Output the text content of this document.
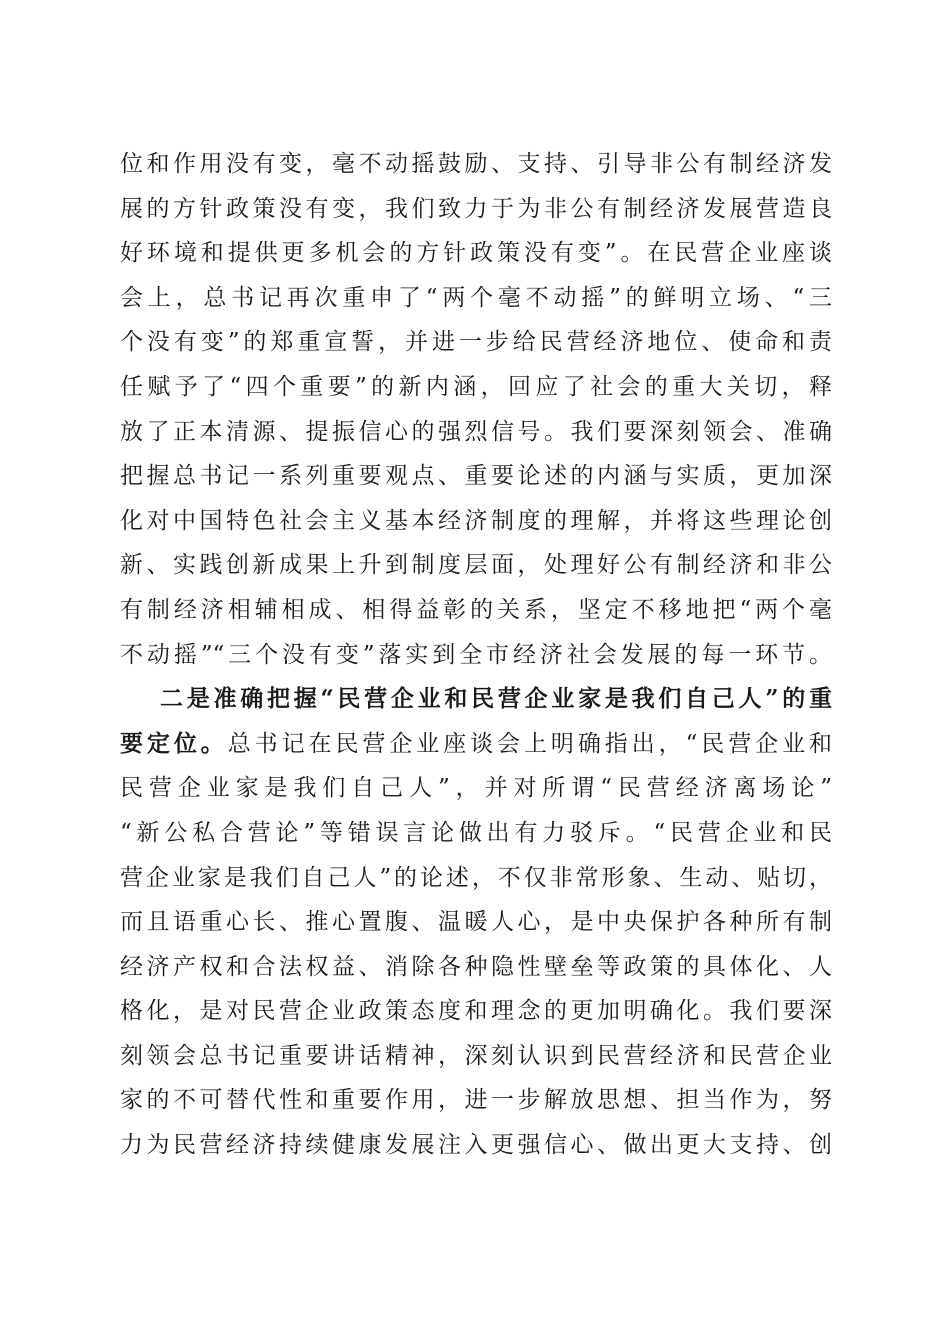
位和作用没有变，毫不动摇鼓励、支持、引导非公有制经济发
展的方针政策没有变，我们致力于为非公有制经济发展营造良
好环境和提供更多机会的方针政策没有变”。在民营企业座谈
会上，总书记再次重申了“两个毫不动摇”的鲜明立场、“三
个没有变”的郑重宣誓，并进一步给民营经济地位、使命和责
任赋予了“四个重要”的新内涵，回应了社会的重大关切，释
放了正本清源、提振信心的强烈信号。我们要深刻领会、准确
把握总书记一系列重要观点、重要论述的内涵与实质，更加深
化对中国特色社会主义基本经济制度的理解，并将这些理论创
新、实践创新成果上升到制度层面，处理好公有制经济和非公
有制经济相辅相成、相得益彰的关系，坚定不移地把“两个毫
不动摇”“三个没有变”落实到全市经济社会发展的每一环节。
二是准确把握“民营企业和民营企业家是我们自己人”的重
要定位。总书记在民营企业座谈会上明确指出，“民营企业和
民营企业家是我们自己人”，并对所谓“民营经济离场论”
“新公私合营论”等错误言论做出有力驳斥。“民营企业和民
营企业家是我们自己人”的论述，不仅非常形象、生动、贴切，
而且语重心长、推心置腹、温暖人心，是中央保护各种所有制
经济产权和合法权益、消除各种隐性壁垒等政策的具体化、人
格化，是对民营企业政策态度和理念的更加明确化。我们要深
刻领会总书记重要讲话精神，深刻认识到民营经济和民营企业
家的不可替代性和重要作用，进一步解放思想、担当作为，努
力为民营经济持续健康发展注入更强信心、做出更大支持、创
